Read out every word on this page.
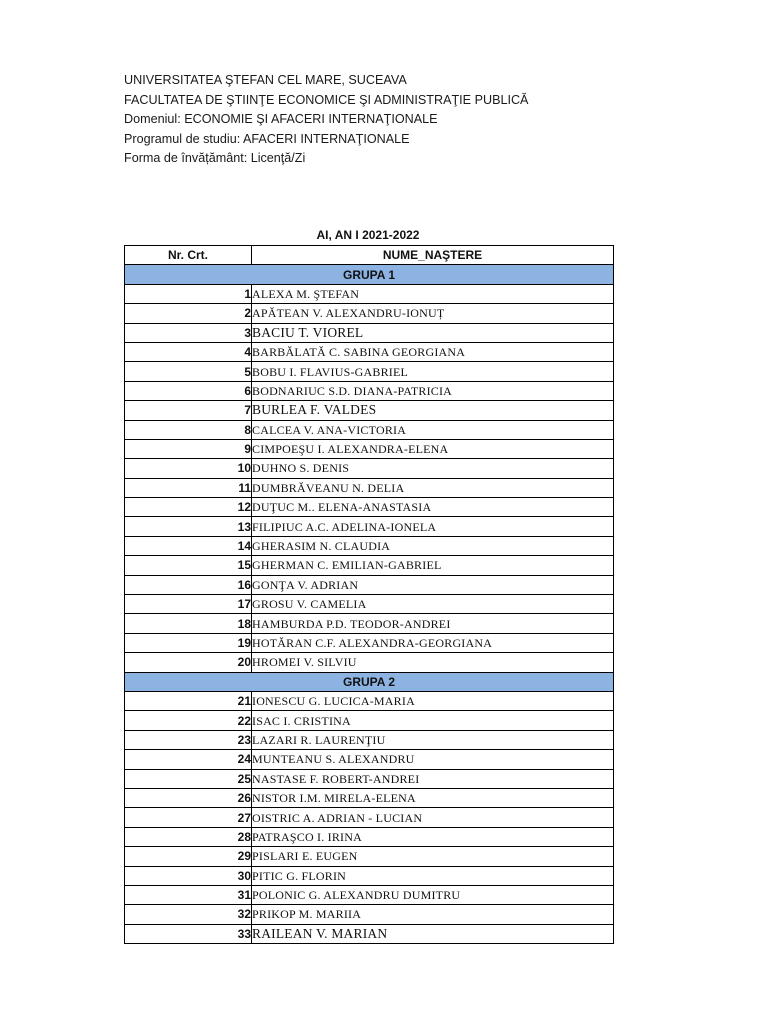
UNIVERSITATEA ŞTEFAN CEL MARE, SUCEAVA
FACULTATEA DE ŞTIINŢE ECONOMICE ŞI ADMINISTRAŢIE PUBLICĂ
Domeniul: ECONOMIE ŞI AFACERI INTERNAŢIONALE
Programul de studiu: AFACERI INTERNAŢIONALE
Forma de învățământ: Licenţă/Zi
AI, AN I 2021-2022
Nr. Crt.	NUME_NAŞTERE
GRUPA 1	
1	ALEXA M. ŞTEFAN
2	APĂTEAN V. ALEXANDRU-IONUȚ
3	BACIU T. VIOREL
4	BARBĂLATĂ C. SABINA GEORGIANA
5	BOBU I. FLAVIUS-GABRIEL
6	BODNARIUC S.D. DIANA-PATRICIA
7	BURLEA F. VALDES
8	CALCEA V. ANA-VICTORIA
9	CIMPOEŞU I. ALEXANDRA-ELENA
10	DUHNO S. DENIS
11	DUMBRĂVEANU N. DELIA
12	DUŢUC M.. ELENA-ANASTASIA
13	FILIPIUC A.C. ADELINA-IONELA
14	GHERASIM N. CLAUDIA
15	GHERMAN C. EMILIAN-GABRIEL
16	GONŢA V. ADRIAN
17	GROSU V. CAMELIA
18	HAMBURDA P.D. TEODOR-ANDREI
19	HOTĂRAN C.F. ALEXANDRA-GEORGIANA
20	HROMEI V. SILVIU
GRUPA 2	
21	IONESCU G. LUCICA-MARIA
22	ISAC I. CRISTINA
23	LAZARI R. LAURENŢIU
24	MUNTEANU S. ALEXANDRU
25	NASTASE F. ROBERT-ANDREI
26	NISTOR I.M. MIRELA-ELENA
27	OISTRIC A. ADRIAN - LUCIAN
28	PATRAŞCO I. IRINA
29	PISLARI E. EUGEN
30	PITIC G. FLORIN
31	POLONIC G. ALEXANDRU DUMITRU
32	PRIKOP M. MARIIA
33	RAILEAN V. MARIAN
